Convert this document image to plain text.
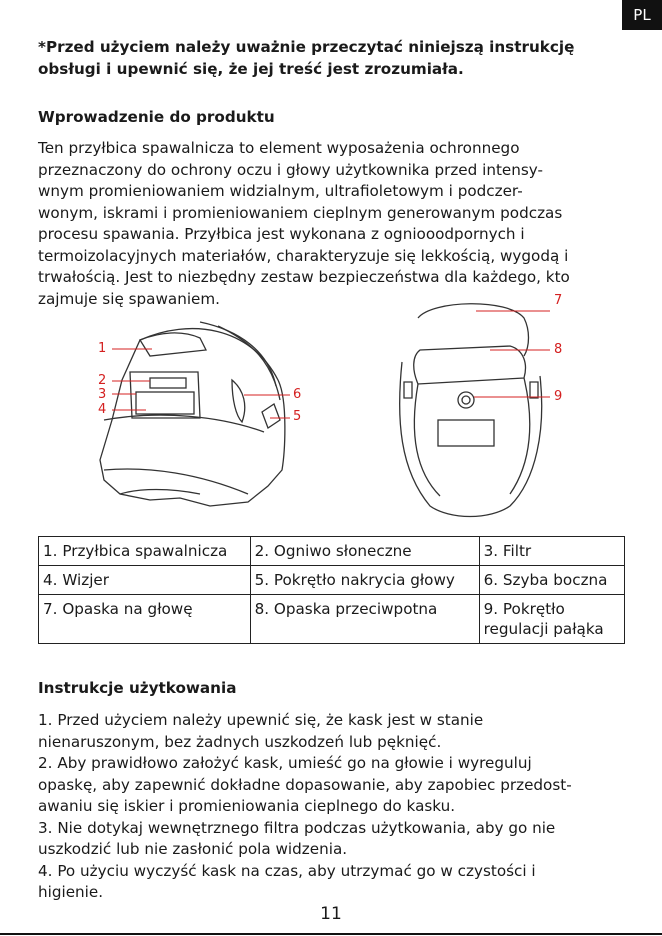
PL
*Przed użyciem należy uważnie przeczytać niniejszą instrukcję
obsługi i upewnić się, że jej treść jest zrozumiała.
Wprowadzenie do produktu
Ten przyłbica spawalnicza to element wyposażenia ochronnego
przeznaczony do ochrony oczu i głowy użytkownika przed intensy-
wnym promieniowaniem widzialnym, ultrafioletowym i podczer-
wonym, iskrami i promieniowaniem cieplnym generowanym podczas
procesu spawania. Przyłbica jest wykonana z ogniooodpornych i
termoizolacyjnych materiałów, charakteryzuje się lekkością, wygodą i
trwałością. Jest to niezbędny zestaw bezpieczeństwa dla każdego, kto
zajmuje się spawaniem.
1
2
3
4
6
5
7
8
9
1. Przyłbica spawalnicza	2. Ogniwo słoneczne	3. Filtr
4. Wizjer	5. Pokrętło nakrycia głowy	6. Szyba boczna
7. Opaska na głowę	8. Opaska przeciwpotna	9. Pokrętło
regulacji pałąka
Instrukcje użytkowania
1. Przed użyciem należy upewnić się, że kask jest w stanie
nienaruszonym, bez żadnych uszkodzeń lub pęknięć.
2. Aby prawidłowo założyć kask, umieść go na głowie i wyreguluj
opaskę, aby zapewnić dokładne dopasowanie, aby zapobiec przedost-
awaniu się iskier i promieniowania cieplnego do kasku.
3. Nie dotykaj wewnętrznego filtra podczas użytkowania, aby go nie
uszkodzić lub nie zasłonić pola widzenia.
4. Po użyciu wyczyść kask na czas, aby utrzymać go w czystości i
higienie.
11
